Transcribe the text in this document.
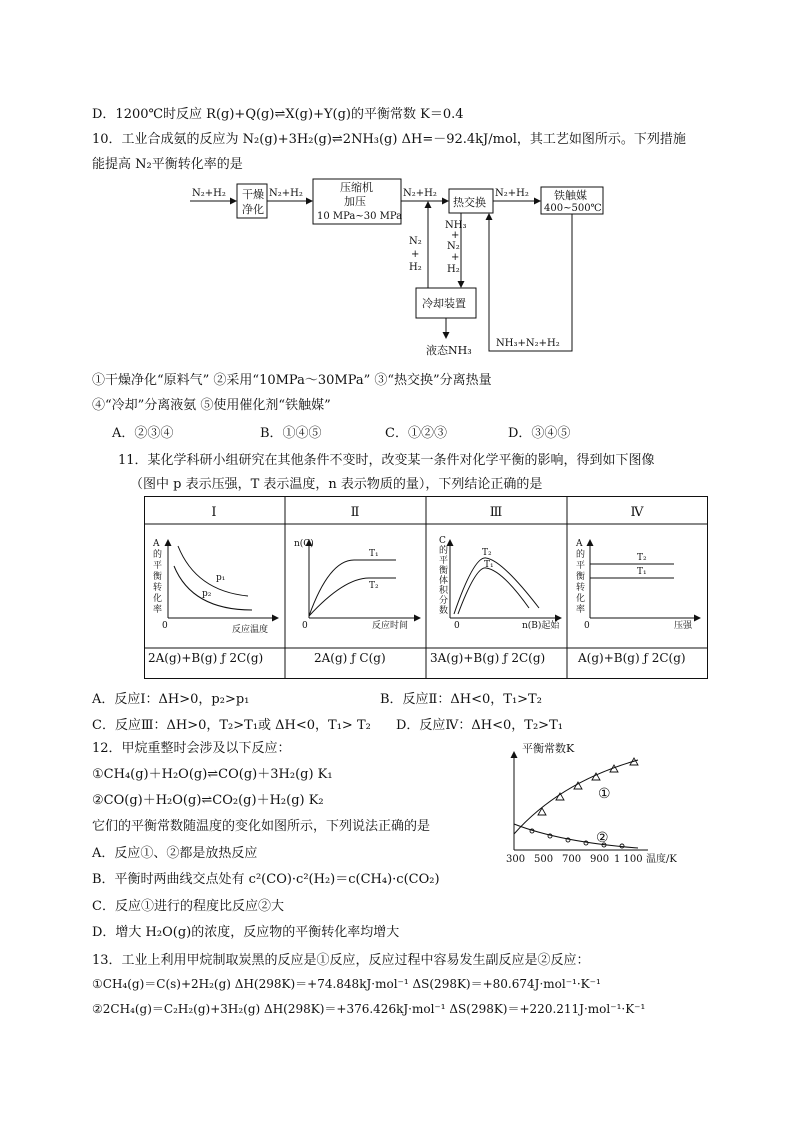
D．1200℃时反应 R(g)+Q(g)⇌X(g)+Y(g)的平衡常数 K＝0.4
10．工业合成氨的反应为 N₂(g)+3H₂(g)⇌2NH₃(g) ΔH=－92.4kJ/mol，其工艺如图所示。下列措施
能提高 N₂平衡转化率的是
N₂+H₂ 干燥
净化
N₂+H₂	压缩机
加压
10 MPa~30 MPa
N₂+H₂
热交换
N₂+H₂ 铁触媒
400~500℃
N₂
+
H₂
NH₃
+
N₂
+
H₂
冷却装置
液态NH₃
NH₃+N₂+H₂
①干燥净化“原料气” ②采用“10MPa～30MPa” ③“热交换”分离热量
④“冷却”分离液氨 ⑤使用催化剂“铁触媒”
A．②③④	B．①④⑤	C．①②③	D．③④⑤
11．某化学科研小组研究在其他条件不变时，改变某一条件对化学平衡的影响，得到如下图像
（图中 p 表示压强，T 表示温度，n 表示物质的量），下列结论正确的是
Ⅰ	Ⅱ	Ⅲ	Ⅳ
A
的
平
衡
转
化
率
0	反应温度
p₁
p₂
n(C)
0	反应时间
T₁
T₂
C
的
平
衡
体
积
分
数
0	n(B)起始
T₂
T₁
A
的
平
衡
转
化
率
0	压强
T₂
T₁
2A(g)+B(g) ƒ 2C(g)	2A(g) ƒ C(g)	3A(g)+B(g) ƒ 2C(g)	A(g)+B(g) ƒ 2C(g)
A．反应Ⅰ：ΔH>0，p₂>p₁	B．反应Ⅱ：ΔH<0，T₁>T₂
C．反应Ⅲ：ΔH>0，T₂>T₁或 ΔH<0，T₁> T₂ D．反应Ⅳ：ΔH<0，T₂>T₁
12．甲烷重整时会涉及以下反应：
①CH₄(g)＋H₂O(g)⇌CO(g)＋3H₂(g) K₁
②CO(g)＋H₂O(g)⇌CO₂(g)＋H₂(g) K₂
它们的平衡常数随温度的变化如图所示，下列说法正确的是
A．反应①、②都是放热反应
B．平衡时两曲线交点处有 c²(CO)·c²(H₂)＝c(CH₄)·c(CO₂)
C．反应①进行的程度比反应②大
D．增大 H₂O(g)的浓度，反应物的平衡转化率均增大
平衡常数K
①
②
300 500 700 900 1 100 温度/K
13．工业上利用甲烷制取炭黑的反应是①反应，反应过程中容易发生副反应是②反应：
①CH₄(g)＝C(s)+2H₂(g) ΔH(298K)＝+74.848kJ·mol⁻¹ ΔS(298K)＝+80.674J·mol⁻¹·K⁻¹
②2CH₄(g)＝C₂H₂(g)+3H₂(g) ΔH(298K)＝+376.426kJ·mol⁻¹ ΔS(298K)＝+220.211J·mol⁻¹·K⁻¹
